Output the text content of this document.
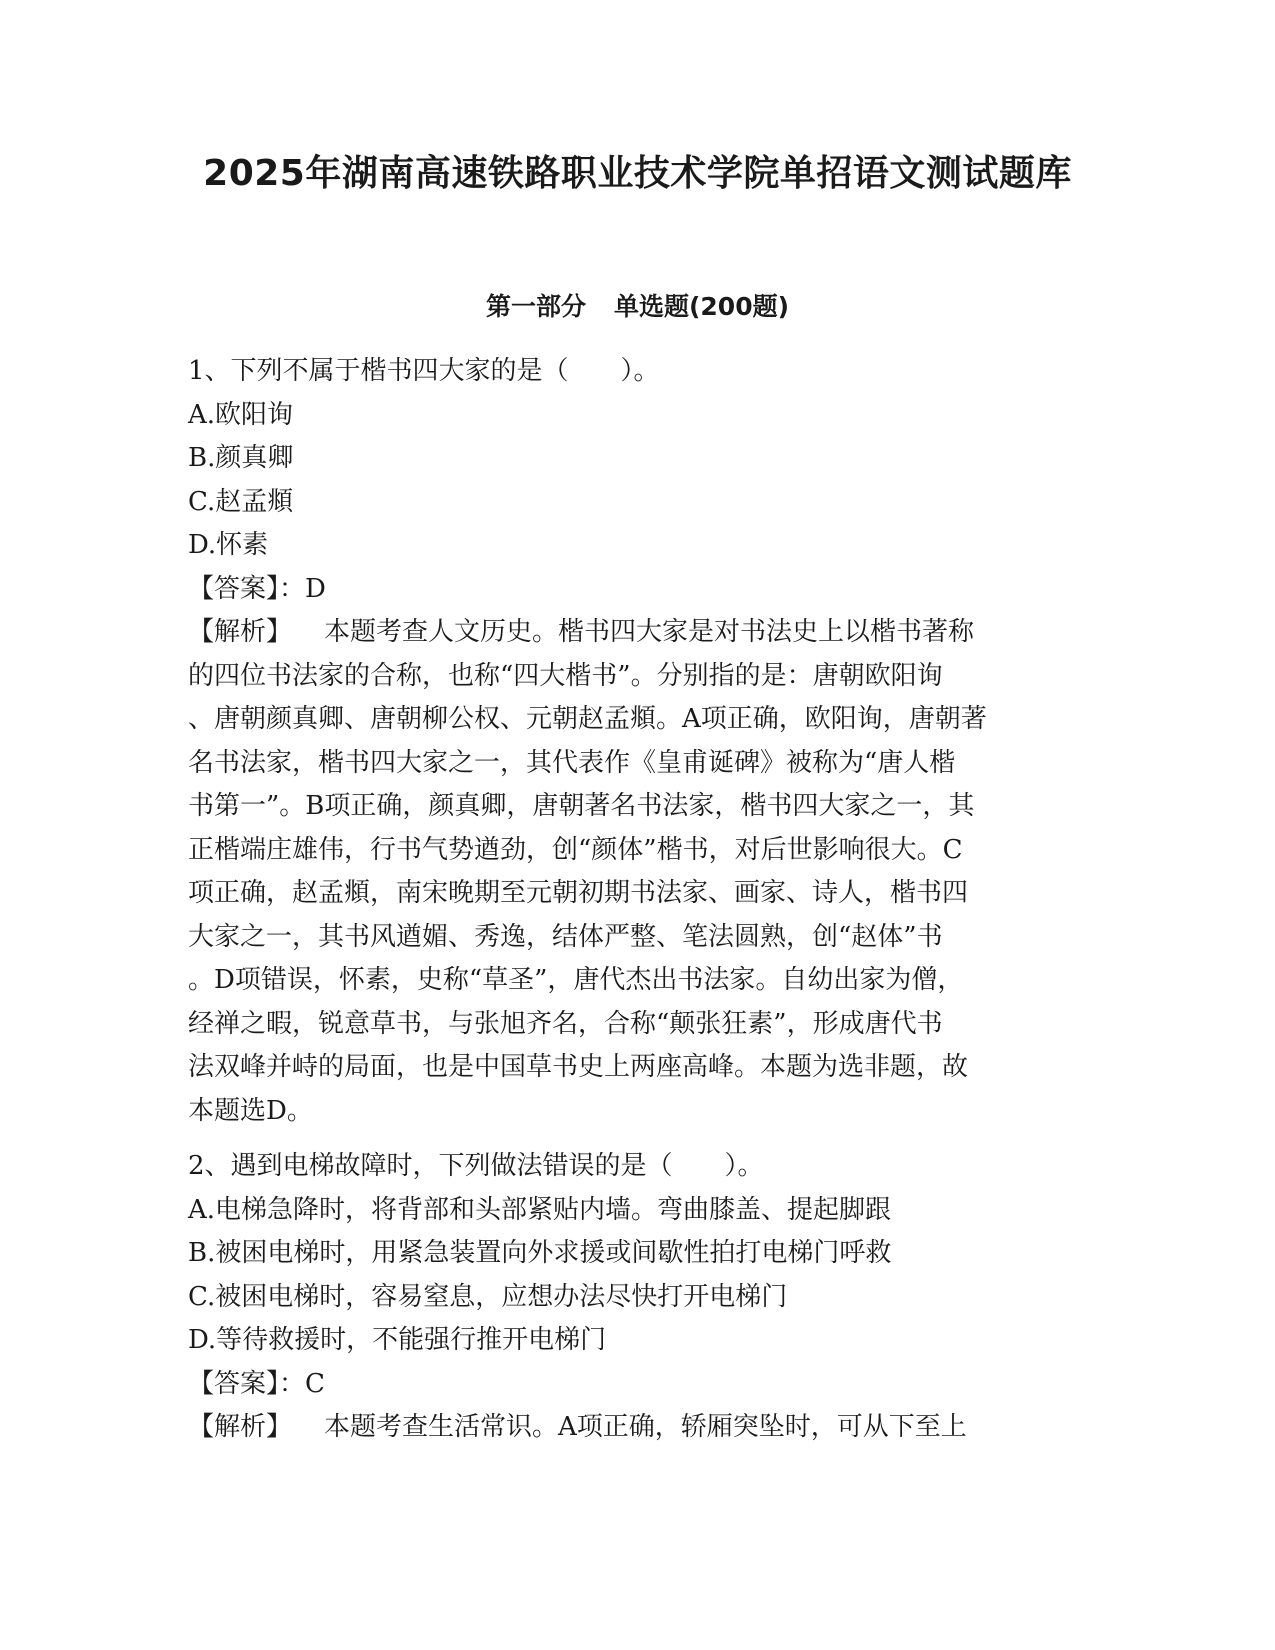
2025年湖南高速铁路职业技术学院单招语文测试题库
第一部分 单选题(200题)
1、下列不属于楷书四大家的是（　　）。
A.欧阳询
B.颜真卿
C.赵孟頫
D.怀素
【答案】：D
【解析】 本题考查人文历史。楷书四大家是对书法史上以楷书著称
的四位书法家的合称，也称“四大楷书”。分别指的是：唐朝欧阳询
、唐朝颜真卿、唐朝柳公权、元朝赵孟頫。A项正确，欧阳询，唐朝著
名书法家，楷书四大家之一，其代表作《皇甫诞碑》被称为“唐人楷
书第一”。B项正确，颜真卿，唐朝著名书法家，楷书四大家之一，其
正楷端庄雄伟，行书气势遒劲，创“颜体”楷书，对后世影响很大。C
项正确，赵孟頫，南宋晚期至元朝初期书法家、画家、诗人，楷书四
大家之一，其书风遒媚、秀逸，结体严整、笔法圆熟，创“赵体”书
。D项错误，怀素，史称“草圣”，唐代杰出书法家。自幼出家为僧，
经禅之暇，锐意草书，与张旭齐名，合称“颠张狂素”，形成唐代书
法双峰并峙的局面，也是中国草书史上两座高峰。本题为选非题，故
本题选D。
2、遇到电梯故障时，下列做法错误的是（　　）。
A.电梯急降时，将背部和头部紧贴内墙。弯曲膝盖、提起脚跟
B.被困电梯时，用紧急装置向外求援或间歇性拍打电梯门呼救
C.被困电梯时，容易窒息，应想办法尽快打开电梯门
D.等待救援时，不能强行推开电梯门
【答案】：C
【解析】 本题考查生活常识。A项正确，轿厢突坠时，可从下至上
